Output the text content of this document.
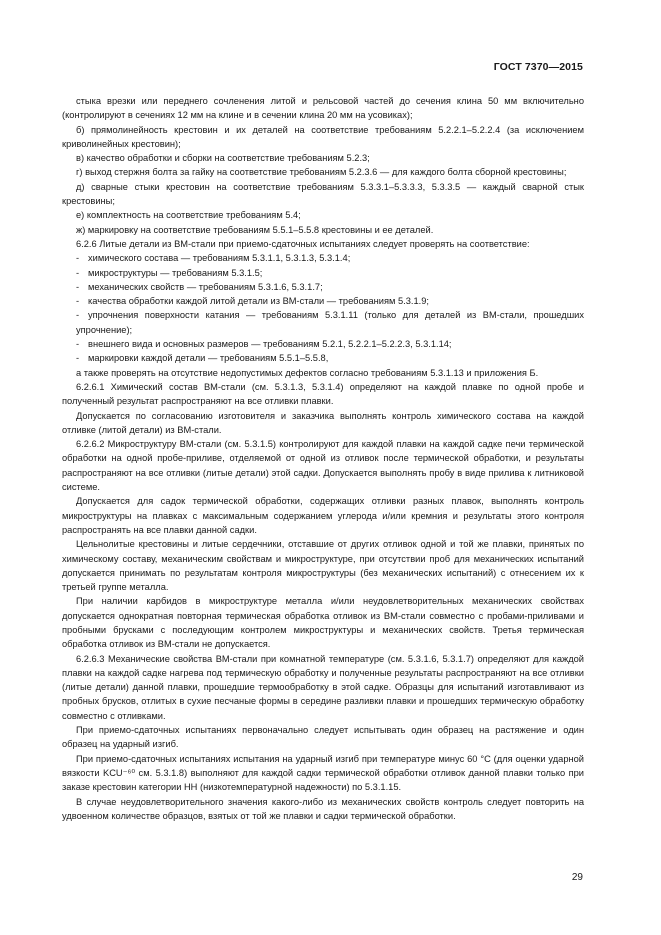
ГОСТ 7370—2015

стыка врезки или переднего сочленения литой и рельсовой частей до сечения клина 50 мм включительно (контролируют в сечениях 12 мм на клине и в сечении клина 20 мм на усовиках);

б) прямолинейность крестовин и их деталей на соответствие требованиям 5.2.2.1–5.2.2.4 (за исключением криволинейных крестовин);

в) качество обработки и сборки на соответствие требованиям 5.2.3;

г) выход стержня болта за гайку на соответствие требованиям 5.2.3.6 — для каждого болта сборной крестовины;

д) сварные стыки крестовин на соответствие требованиям 5.3.3.1–5.3.3.3, 5.3.3.5 — каждый сварной стык крестовины;

е) комплектность на соответствие требованиям 5.4;

ж) маркировку на соответствие требованиям 5.5.1–5.5.8 крестовины и ее деталей.

6.2.6 Литые детали из ВМ-стали при приемо-сдаточных испытаниях следует проверять на соответствие:

- химического состава — требованиям 5.3.1.1, 5.3.1.3, 5.3.1.4;

- микроструктуры — требованиям 5.3.1.5;

- механических свойств — требованиям 5.3.1.6, 5.3.1.7;

- качества обработки каждой литой детали из ВМ-стали — требованиям 5.3.1.9;

- упрочнения поверхности катания — требованиям 5.3.1.11 (только для деталей из ВМ-стали, прошедших упрочнение);

- внешнего вида и основных размеров — требованиям 5.2.1, 5.2.2.1–5.2.2.3, 5.3.1.14;

- маркировки каждой детали — требованиям 5.5.1–5.5.8,

а также проверять на отсутствие недопустимых дефектов согласно требованиям 5.3.1.13 и приложения Б.

6.2.6.1 Химический состав ВМ-стали (см. 5.3.1.3, 5.3.1.4) определяют на каждой плавке по одной пробе и полученный результат распространяют на все отливки плавки.

Допускается по согласованию изготовителя и заказчика выполнять контроль химического состава на каждой отливке (литой детали) из ВМ-стали.

6.2.6.2 Микроструктуру ВМ-стали (см. 5.3.1.5) контролируют для каждой плавки на каждой садке печи термической обработки на одной пробе-приливе, отделяемой от одной из отливок после термической обработки, и результаты распространяют на все отливки (литые детали) этой садки. Допускается выполнять пробу в виде прилива к литниковой системе.

Допускается для садок термической обработки, содержащих отливки разных плавок, выполнять контроль микроструктуры на плавках с максимальным содержанием углерода и/или кремния и результаты этого контроля распространять на все плавки данной садки.

Цельнолитые крестовины и литые сердечники, отставшие от других отливок одной и той же плавки, принятых по химическому составу, механическим свойствам и микроструктуре, при отсутствии проб для механических испытаний допускается принимать по результатам контроля микроструктуры (без механических испытаний) с отнесением их к третьей группе металла.

При наличии карбидов в микроструктуре металла и/или неудовлетворительных механических свойствах допускается однократная повторная термическая обработка отливок из ВМ-стали совместно с пробами-приливами и пробными брусками с последующим контролем микроструктуры и механических свойств. Третья термическая обработка отливок из ВМ-стали не допускается.

6.2.6.3 Механические свойства ВМ-стали при комнатной температуре (см. 5.3.1.6, 5.3.1.7) определяют для каждой плавки на каждой садке нагрева под термическую обработку и полученные результаты распространяют на все отливки (литые детали) данной плавки, прошедшие термообработку в этой садке. Образцы для испытаний изготавливают из пробных брусков, отлитых в сухие песчаные формы в середине разливки плавки и прошедших термическую обработку совместно с отливками.

При приемо-сдаточных испытаниях первоначально следует испытывать один образец на растяжение и один образец на ударный изгиб.

При приемо-сдаточных испытаниях испытания на ударный изгиб при температуре минус 60 °С (для оценки ударной вязкости KCU⁻⁶⁰ см. 5.3.1.8) выполняют для каждой садки термической обработки отливок данной плавки только при заказе крестовин категории НН (низкотемпературной надежности) по 5.3.1.15.

В случае неудовлетворительного значения какого-либо из механических свойств контроль следует повторить на удвоенном количестве образцов, взятых от той же плавки и садки термической обработки.

29
